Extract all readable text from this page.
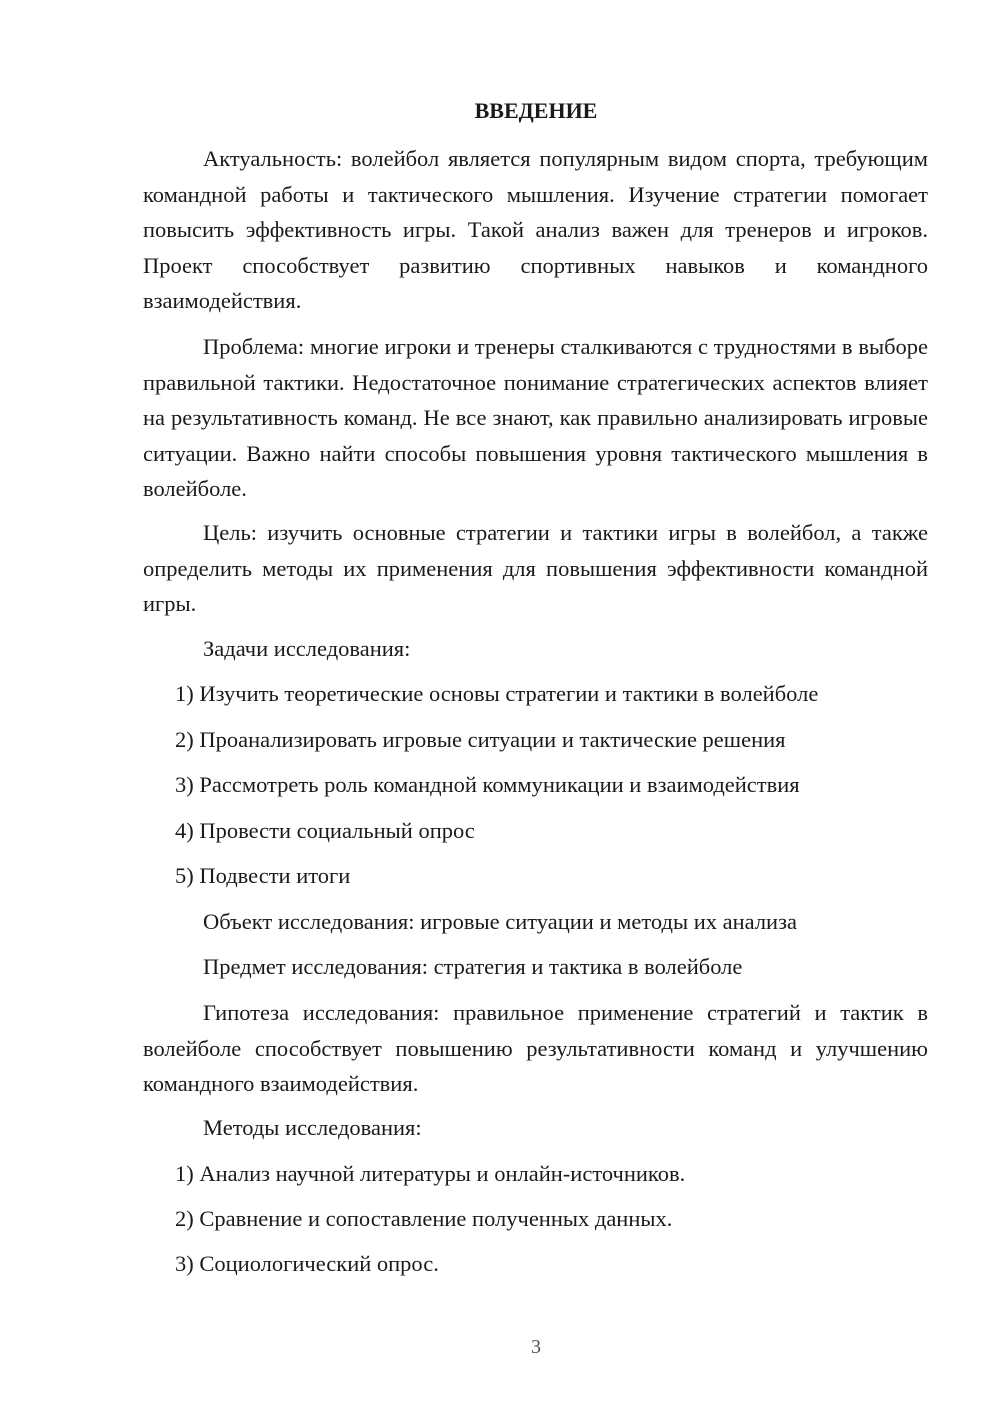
ВВЕДЕНИЕ

Актуальность: волейбол является популярным видом спорта, требующим командной работы и тактического мышления. Изучение стратегии помогает повысить эффективность игры. Такой анализ важен для тренеров и игроков. Проект способствует развитию спортивных навыков и командного взаимодействия.

Проблема: многие игроки и тренеры сталкиваются с трудностями в выборе правильной тактики. Недостаточное понимание стратегических аспектов влияет на результативность команд. Не все знают, как правильно анализировать игровые ситуации. Важно найти способы повышения уровня тактического мышления в волейболе.

Цель: изучить основные стратегии и тактики игры в волейбол, а также определить методы их применения для повышения эффективности командной игры.

Задачи исследования:
1) Изучить теоретические основы стратегии и тактики в волейболе
2) Проанализировать игровые ситуации и тактические решения
3) Рассмотреть роль командной коммуникации и взаимодействия
4) Провести социальный опрос
5) Подвести итоги
Объект исследования: игровые ситуации и методы их анализа
Предмет исследования: стратегия и тактика в волейболе

Гипотеза исследования: правильное применение стратегий и тактик в волейболе способствует повышению результативности команд и улучшению командного взаимодействия.

Методы исследования:
1) Анализ научной литературы и онлайн-источников.
2) Сравнение и сопоставление полученных данных.
3) Социологический опрос.
3
